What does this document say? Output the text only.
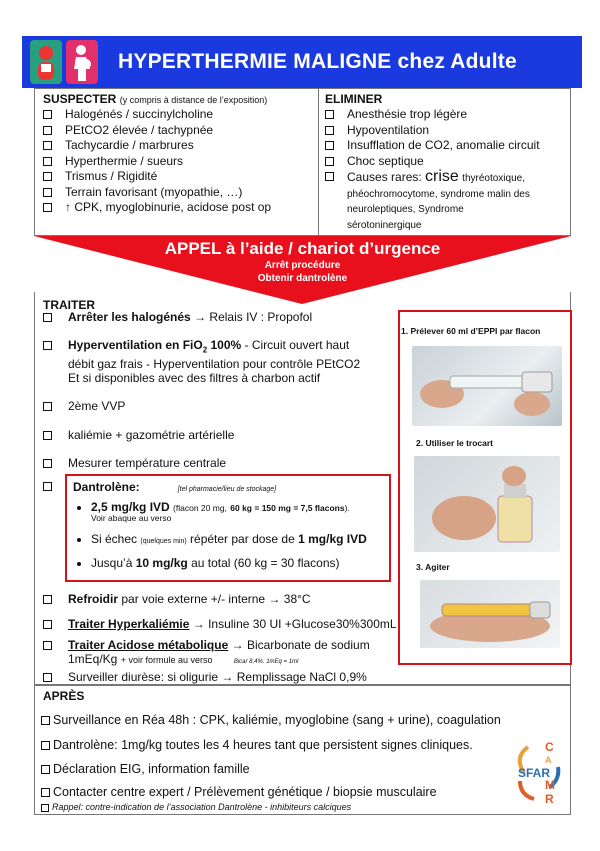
HYPERTHERMIE MALIGNE chez Adulte
SUSPECTER (y compris à distance de l’exposition)
Halogénés / succinylcholine
PEtCO2 élevée / tachypnée
Tachycardie / marbrures
Hyperthermie / sueurs
Trismus / Rigidité
Terrain favorisant (myopathie, …)
↑ CPK, myoglobinurie, acidose post op
ELIMINER
Anesthésie trop légère
Hypoventilation
Insufflation de CO2, anomalie circuit
Choc septique
Causes rares: crise thyréotoxique,
phéochromocytome, syndrome malin des
neuroleptiques, Syndrome
sérotoninergique
APPEL à l’aide / chariot d’urgence
Arrêt procédure
Obtenir dantrolène
TRAITER
Arrêter les halogénés → Relais IV : Propofol
Hyperventilation en FiO$_2$ 100% - Circuit ouvert haut
débit gaz frais - Hyperventilation pour contrôle PEtCO2
Et si disponibles avec des filtres à charbon actif
2ème VVP
kaliémie + gazométrie artérielle
Mesurer température centrale
Refroidir par voie externe +/- interne → 38°C
Traiter Hyperkaliémie → Insuline 30 UI +Glucose30%300mL
Traiter Acidose métabolique → Bicarbonate de sodium
1mEq/Kg + voir formule au verso	Bicar 8,4%: 1mEq = 1ml
Surveiller diurèse: si oligurie → Remplissage NaCl 0,9%
Dantrolène:	[tel pharmacie/lieu de stockage]
2,5 mg/kg IVD (flacon 20 mg, 60 kg = 150 mg = 7,5 flacons).

Voir abaque au verso
Si échec (quelques min) répéter par dose de 1 mg/kg IVD
Jusqu’à 10 mg/kg au total (60 kg = 30 flacons)
1. Prélever 60 ml d’EPPI par flacon
2. Utiliser le trocart
3. Agiter
APRÈS
Surveillance en Réa 48h : CPK, kaliémie, myoglobine (sang + urine), coagulation
Dantrolène: 1mg/kg toutes les 4 heures tant que persistent signes cliniques.
Déclaration EIG, information famille
Contacter centre expert / Prélèvement génétique / biopsie musculaire
Rappel: contre-indication de l’association Dantrolène - inhibiteurs calciques
C
SFAR
A
M
R
